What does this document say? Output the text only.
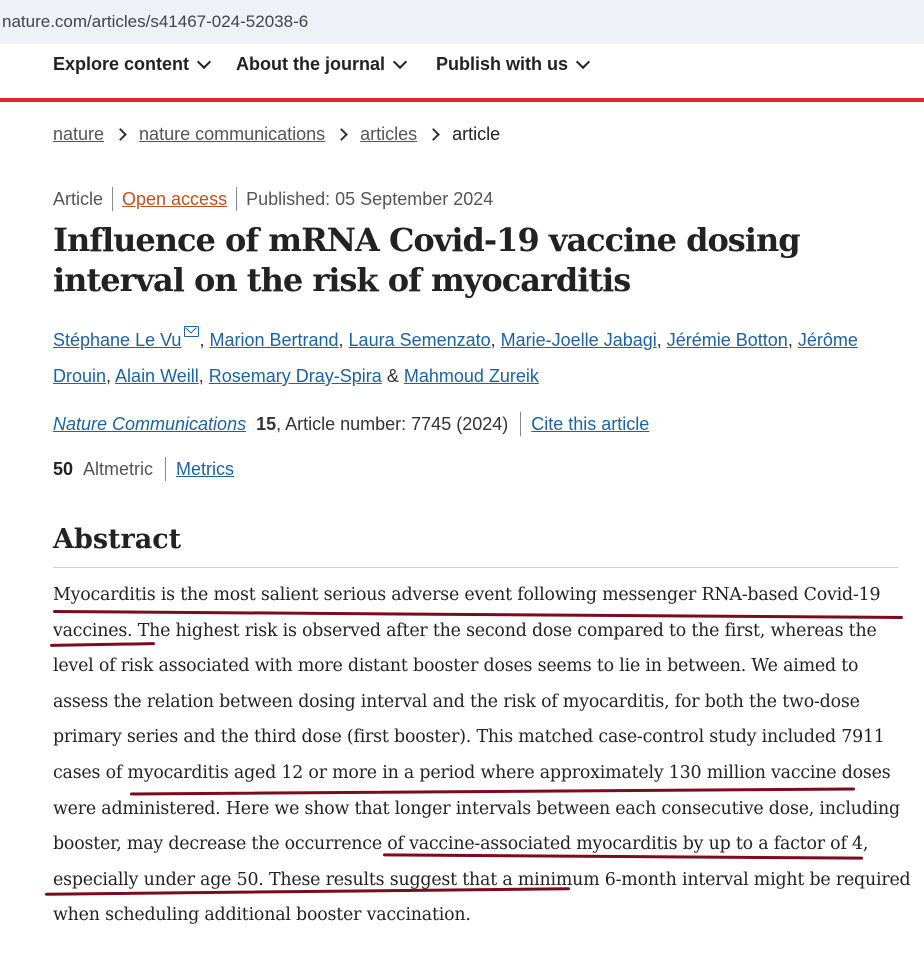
nature.com/articles/s41467-024-52038-6
Explore content	About the journal	Publish with us
nature nature communications articles article
Article Open access Published: 05 September 2024
Influence of mRNA Covid-19 vaccine dosing interval on the risk of myocarditis
Stéphane Le Vu , Marion Bertrand, Laura Semenzato, Marie-Joelle Jabagi, Jérémie Botton, Jérôme Drouin, Alain Weill, Rosemary Dray-Spira & Mahmoud Zureik
Nature Communications 15 , Article number: 7745 (2024) Cite this article
50 Altmetric Metrics
Abstract

Myocarditis is the most salient serious adverse event following messenger RNA-based Covid-19 vaccines. The highest risk is observed after the second dose compared to the first, whereas the level of risk associated with more distant booster doses seems to lie in between. We aimed to assess the relation between dosing interval and the risk of myocarditis, for both the two-dose primary series and the third dose (first booster). This matched case-control study included 7911 cases of myocarditis aged 12 or more in a period where approximately 130 million vaccine doses were administered. Here we show that longer intervals between each consecutive dose, including booster, may decrease the occurrence of vaccine-associated myocarditis by up to a factor of 4, especially under age 50. These results suggest that a minimum 6-month interval might be required when scheduling additional booster vaccination.
